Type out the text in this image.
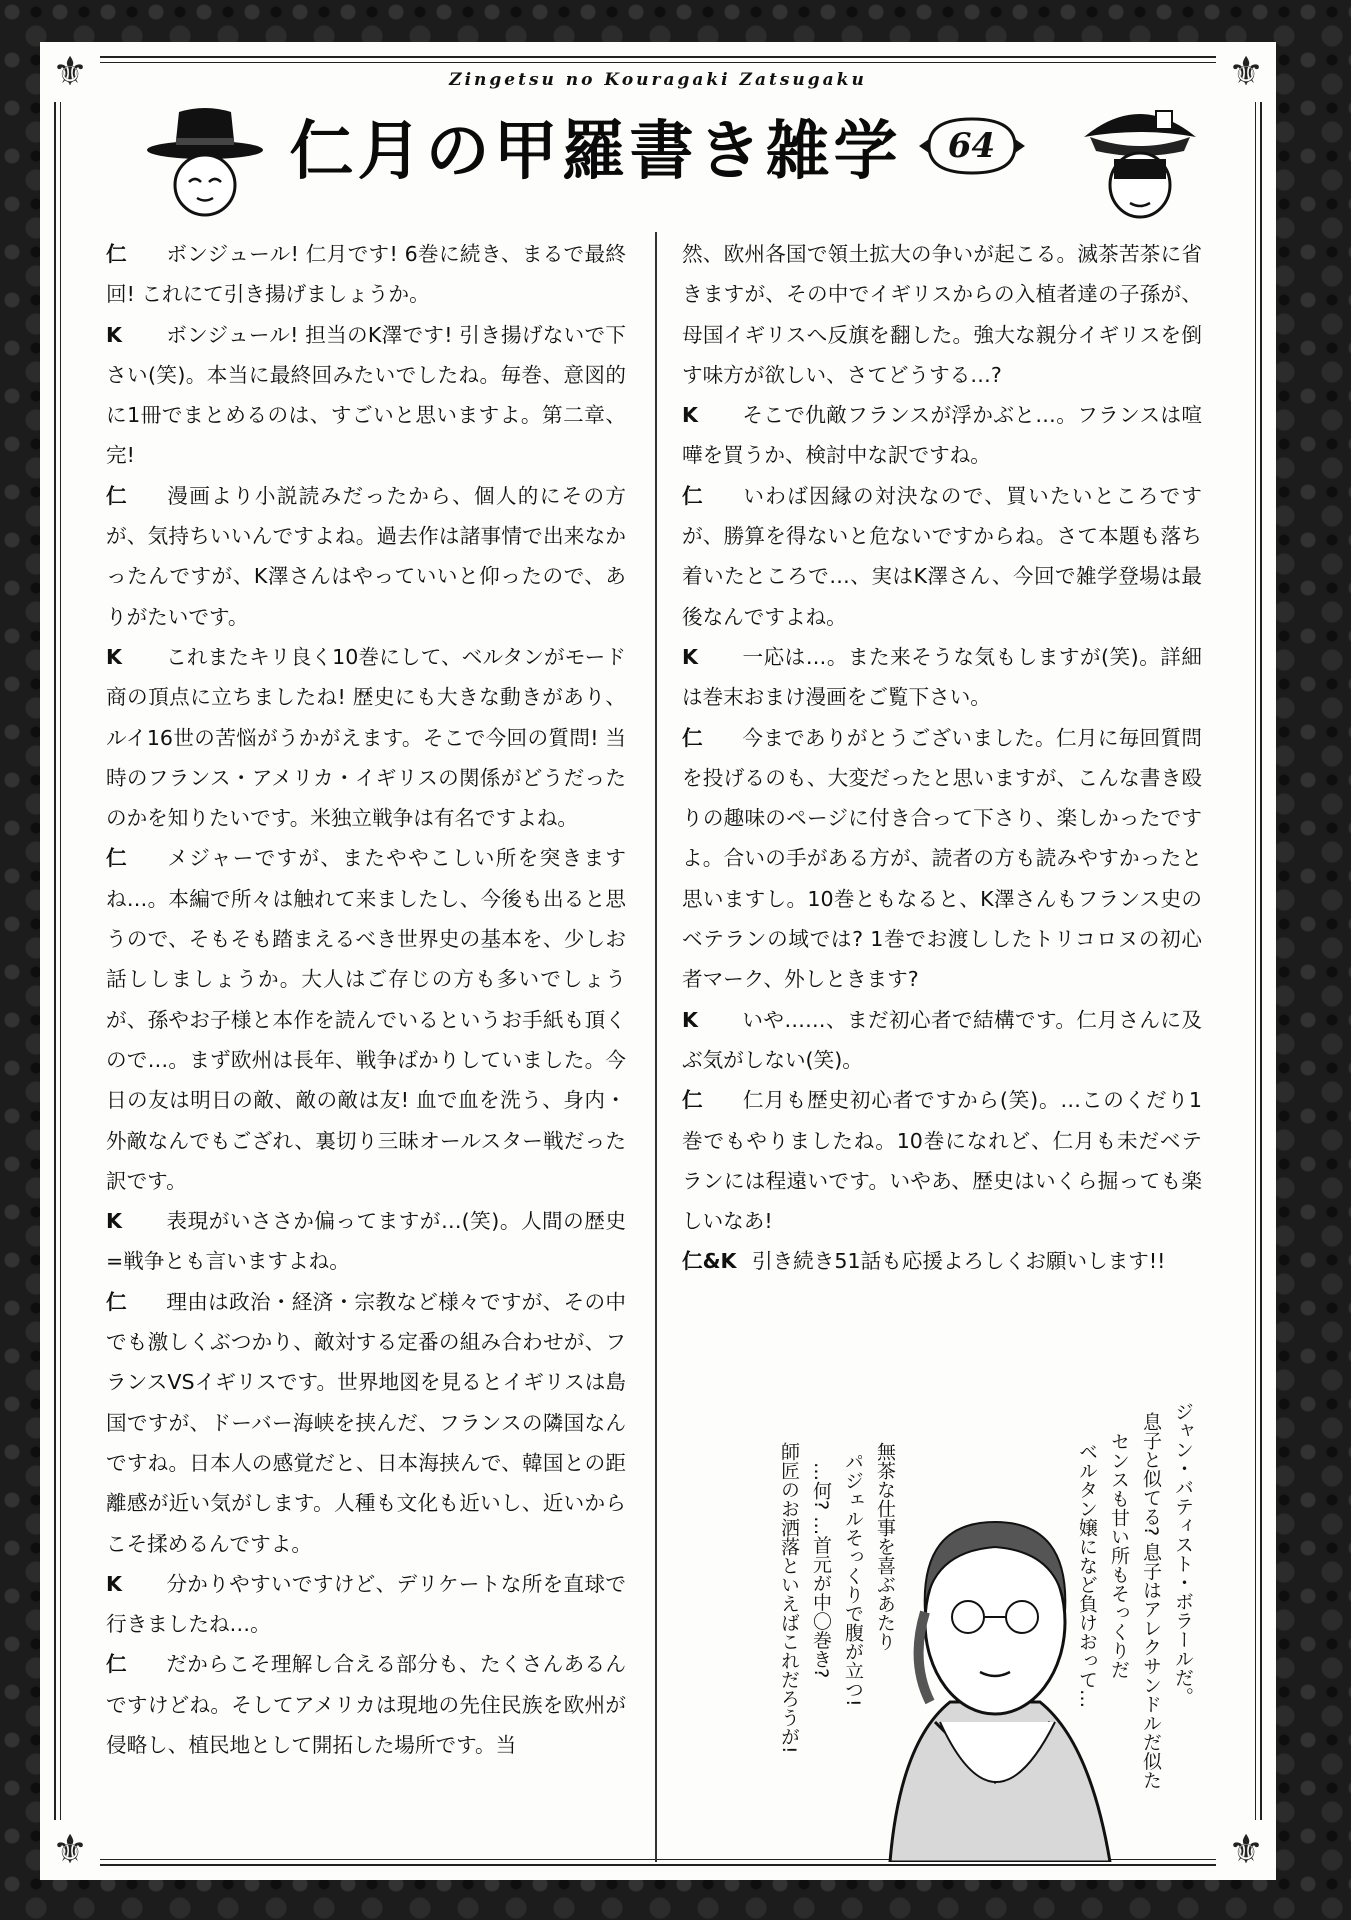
⚜	⚜
⚜	⚜
Zingetsu no Kouragaki Zatsugaku
仁月の甲羅書き雑学 64

仁 ボンジュール! 仁月です! 6巻に続き、まるで最終回! これにて引き揚げましょうか。

K ボンジュール! 担当のK澤です! 引き揚げないで下さい(笑)。本当に最終回みたいでしたね。毎巻、意図的に1冊でまとめるのは、すごいと思いますよ。第二章、完!

仁 漫画より小説読みだったから、個人的にその方が、気持ちいいんですよね。過去作は諸事情で出来なかったんですが、K澤さんはやっていいと仰ったので、ありがたいです。

K これまたキリ良く10巻にして、ベルタンがモード商の頂点に立ちましたね! 歴史にも大きな動きがあり、ルイ16世の苦悩がうかがえます。そこで今回の質問! 当時のフランス・アメリカ・イギリスの関係がどうだったのかを知りたいです。米独立戦争は有名ですよね。

仁 メジャーですが、またややこしい所を突きますね…。本編で所々は触れて来ましたし、今後も出ると思うので、そもそも踏まえるべき世界史の基本を、少しお話ししましょうか。大人はご存じの方も多いでしょうが、孫やお子様と本作を読んでいるというお手紙も頂くので…。まず欧州は長年、戦争ばかりしていました。今日の友は明日の敵、敵の敵は友! 血で血を洗う、身内・外敵なんでもござれ、裏切り三昧オールスター戦だった訳です。

K 表現がいささか偏ってますが…(笑)。人間の歴史=戦争とも言いますよね。

仁 理由は政治・経済・宗教など様々ですが、その中でも激しくぶつかり、敵対する定番の組み合わせが、フランスVSイギリスです。世界地図を見るとイギリスは島国ですが、ドーバー海峡を挟んだ、フランスの隣国なんですね。日本人の感覚だと、日本海挟んで、韓国との距離感が近い気がします。人種も文化も近いし、近いからこそ揉めるんですよ。

K 分かりやすいですけど、デリケートな所を直球で行きましたね…。

仁 だからこそ理解し合える部分も、たくさんあるんですけどね。そしてアメリカは現地の先住民族を欧州が侵略し、植民地として開拓した場所です。当

然、欧州各国で領土拡大の争いが起こる。滅茶苦茶に省きますが、その中でイギリスからの入植者達の子孫が、母国イギリスへ反旗を翻した。強大な親分イギリスを倒す味方が欲しい、さてどうする…?

K そこで仇敵フランスが浮かぶと…。フランスは喧嘩を買うか、検討中な訳ですね。

仁 いわば因縁の対決なので、買いたいところですが、勝算を得ないと危ないですからね。さて本題も落ち着いたところで…、実はK澤さん、今回で雑学登場は最後なんですよね。

K 一応は…。また来そうな気もしますが(笑)。詳細は巻末おまけ漫画をご覧下さい。

仁 今までありがとうございました。仁月に毎回質問を投げるのも、大変だったと思いますが、こんな書き殴りの趣味のページに付き合って下さり、楽しかったですよ。合いの手がある方が、読者の方も読みやすかったと思いますし。10巻ともなると、K澤さんもフランス史のベテランの域では? 1巻でお渡ししたトリコロヌの初心者マーク、外しときます?

K いや……、まだ初心者で結構です。仁月さんに及ぶ気がしない(笑)。

仁 仁月も歴史初心者ですから(笑)。…このくだり1巻でもやりましたね。10巻になれど、仁月も未だベテランには程遠いです。いやあ、歴史はいくら掘っても楽しいなあ!

仁&K 引き続き51話も応援よろしくお願いします!!

ジャン・バティスト・ボラールだ。
息子と似てる? 息子はアレクサンドルだ似た
センスも甘い所もそっくりだ
ベルタン嬢になど負けおって…
無茶な仕事を喜ぶあたり
パジェルそっくりで腹が立つ!
…何? …首元が中〇巻き?
師匠のお洒落といえばこれだろうが!
